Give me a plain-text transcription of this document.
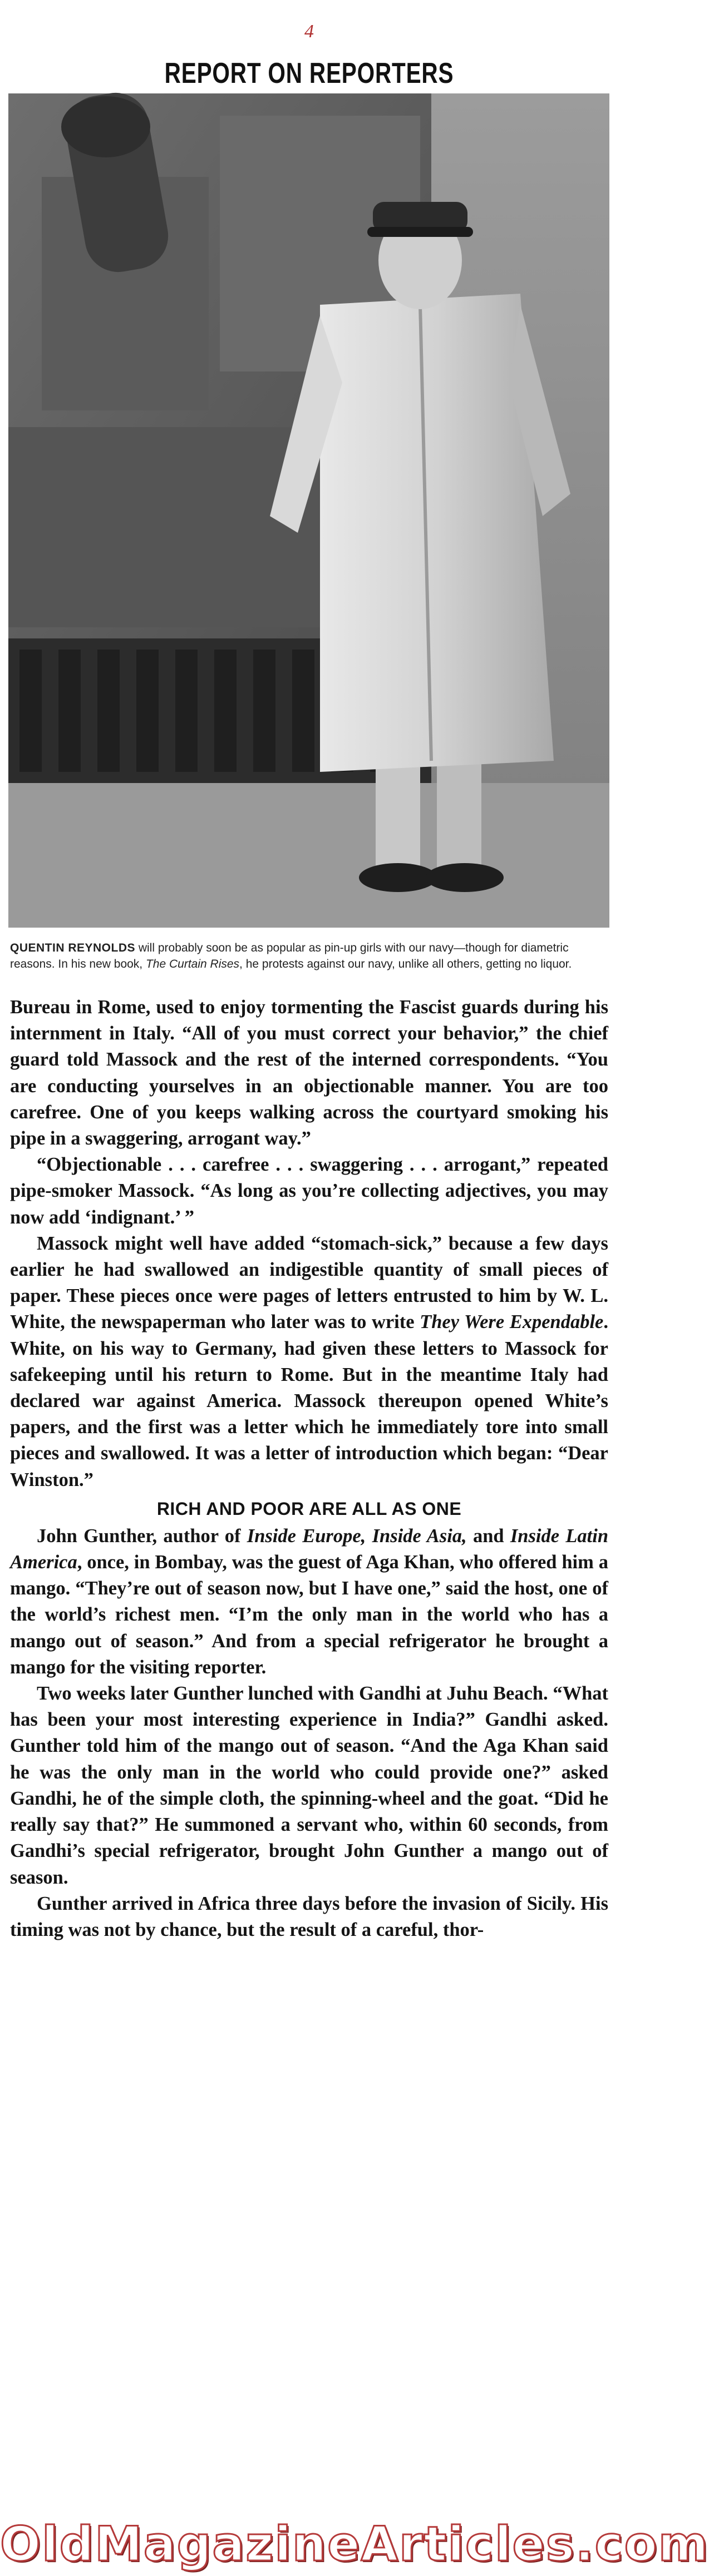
4
REPORT ON REPORTERS
QUENTIN REYNOLDS will probably soon be as popular as pin-up girls with our navy—though for diametric reasons. In his new book, The Curtain Rises, he protests against our navy, unlike all others, getting no liquor.

Bureau in Rome, used to enjoy tormenting the Fascist guards during his internment in Italy. “All of you must correct your behavior,” the chief guard told Massock and the rest of the interned correspondents. “You are conducting yourselves in an objectionable manner. You are too carefree. One of you keeps walking across the courtyard smoking his pipe in a swaggering, arrogant way.”

“Objectionable . . . carefree . . . swaggering . . . arrogant,” repeated pipe-smoker Massock. “As long as you’re collecting adjectives, you may now add ‘indignant.’ ”

Massock might well have added “stomach-sick,” because a few days earlier he had swallowed an indigestible quantity of small pieces of paper. These pieces once were pages of letters entrusted to him by W. L. White, the newspaperman who later was to write They Were Expendable. White, on his way to Germany, had given these letters to Massock for safekeeping until his return to Rome. But in the meantime Italy had declared war against America. Massock thereupon opened White’s papers, and the first was a letter which he immediately tore into small pieces and swallowed. It was a letter of introduction which began: “Dear Winston.”

RICH AND POOR ARE ALL AS ONE

John Gunther, author of Inside Europe, Inside Asia, and Inside Latin America, once, in Bombay, was the guest of Aga Khan, who offered him a mango. “They’re out of season now, but I have one,” said the host, one of the world’s richest men. “I’m the only man in the world who has a mango out of season.” And from a special refrigerator he brought a mango for the visiting reporter.

Two weeks later Gunther lunched with Gandhi at Juhu Beach. “What has been your most interesting experience in India?” Gandhi asked. Gunther told him of the mango out of season. “And the Aga Khan said he was the only man in the world who could provide one?” asked Gandhi, he of the simple cloth, the spinning-wheel and the goat. “Did he really say that?” He summoned a servant who, within 60 seconds, from Gandhi’s special refrigerator, brought John Gunther a mango out of season.

Gunther arrived in Africa three days before the invasion of Sicily. His timing was not by chance, but the result of a careful, thor-

OldMagazineArticles.com
